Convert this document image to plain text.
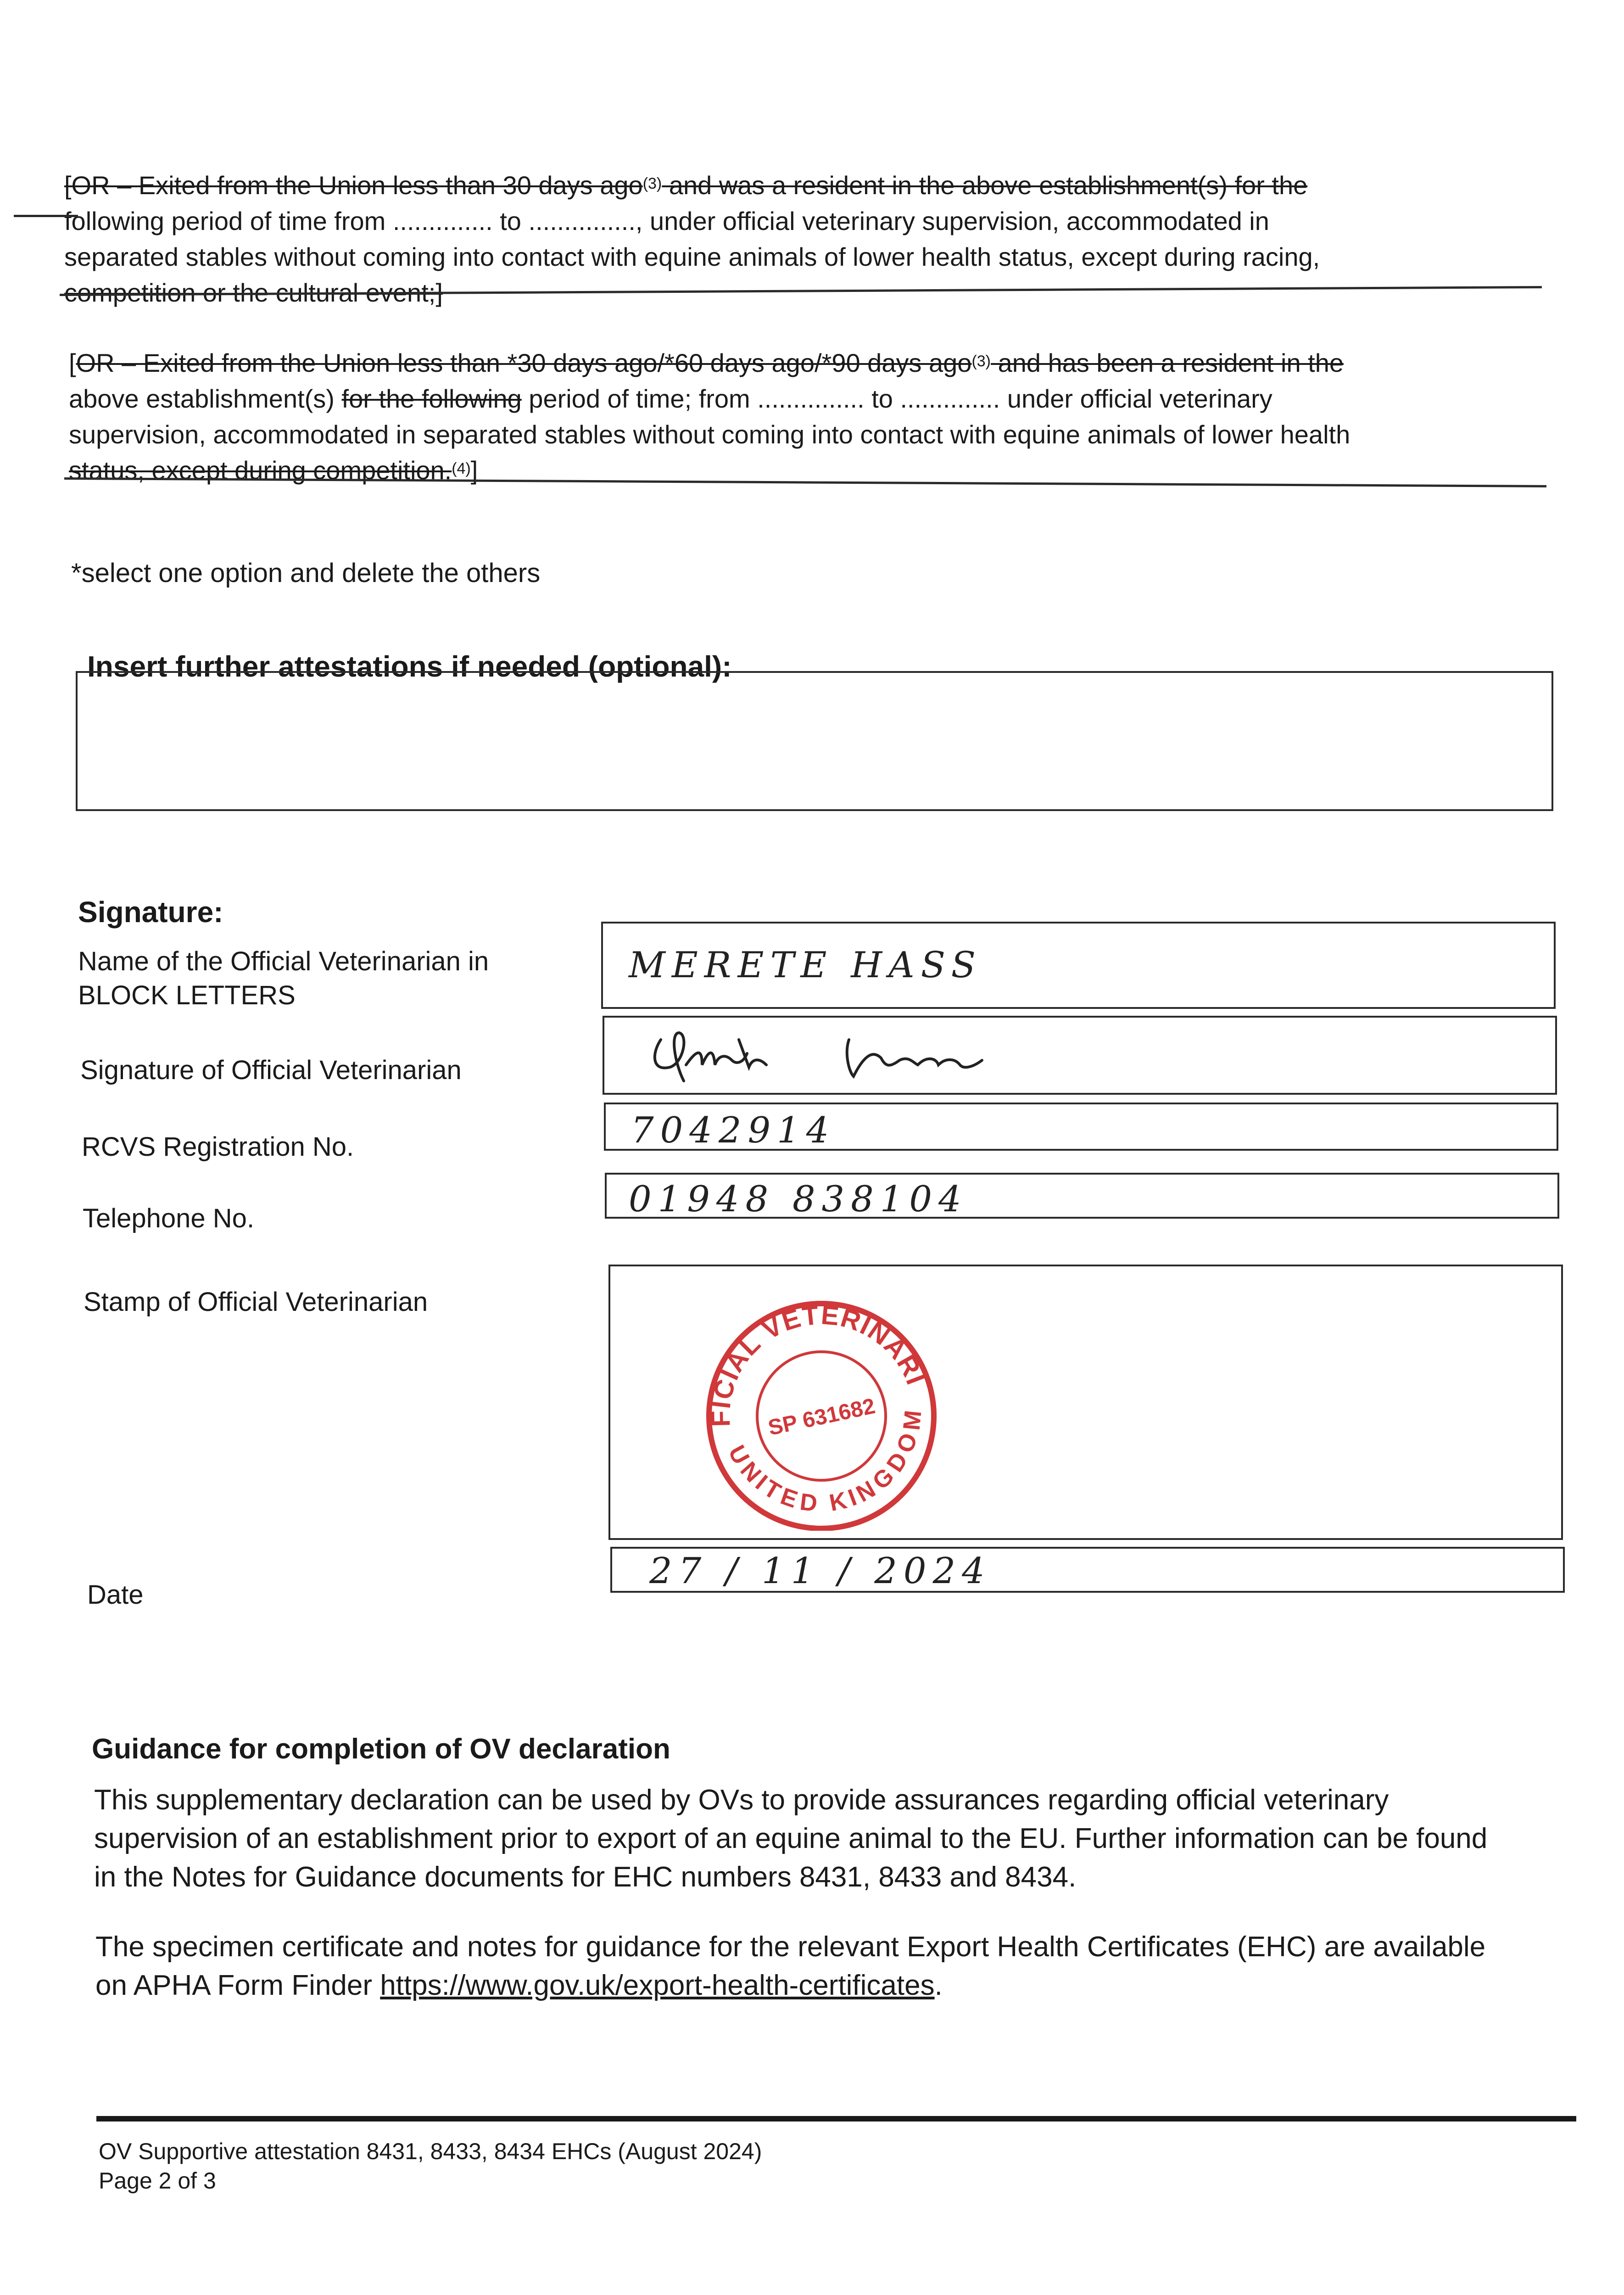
[OR – Exited from the Union less than 30 days ago$^{(3)}$ and was a resident in the above establishment(s) for the
following period of time from .............. to ..............., under official veterinary supervision, accommodated in
separated stables without coming into contact with equine animals of lower health status, except during racing,
competition or the cultural event;]
[OR – Exited from the Union less than *30 days ago/*60 days ago/*90 days ago$^{(3)}$ and has been a resident in the
above establishment(s) for the following period of time; from ............... to .............. under official veterinary
supervision, accommodated in separated stables without coming into contact with equine animals of lower health
status, except during competition.$^{(4)}$]
*select one option and delete the others
Insert further attestations if needed (optional):
Signature:
Name of the Official Veterinarian in
BLOCK LETTERS
MERETE HASS
Signature of Official Veterinarian
RCVS Registration No.	7042914
Telephone No.	01948 838104
Stamp of Official Veterinarian	OFFICIAL VETERINARIAN
UNITED KINGDOM
SP 631682
Date
27 / 11 / 2024
Guidance for completion of OV declaration
This supplementary declaration can be used by OVs to provide assurances regarding official veterinary
supervision of an establishment prior to export of an equine animal to the EU. Further information can be found
in the Notes for Guidance documents for EHC numbers 8431, 8433 and 8434.
The specimen certificate and notes for guidance for the relevant Export Health Certificates (EHC) are available
on APHA Form Finder https://www.gov.uk/export-health-certificates.
OV Supportive attestation 8431, 8433, 8434 EHCs (August 2024)
Page 2 of 3
